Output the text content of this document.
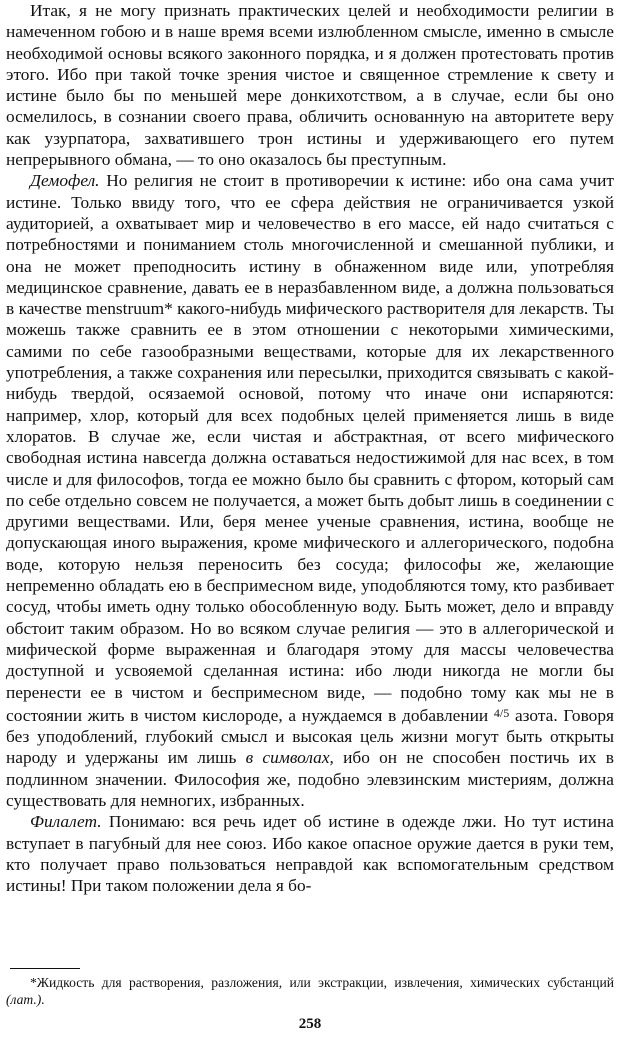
Итак, я не могу признать практических целей и необходимости религии в намеченном гобою и в наше время всеми излюбленном смысле, именно в смысле необходимой основы всякого законного порядка, и я должен протестовать против этого. Ибо при такой точке зрения чистое и священное стремление к свету и истине было бы по меньшей мере донкихотством, а в случае, если бы оно осмелилось, в сознании своего права, обличить основанную на авторитете веру как узурпатора, захватившего трон истины и удерживающего его путем непрерывного обмана, — то оно оказалось бы преступным.

Демофел. Но религия не стоит в противоречии к истине: ибо она сама учит истине. Только ввиду того, что ее сфера действия не ограничивается узкой аудиторией, а охватывает мир и человечество в его массе, ей надо считаться с потребностями и пониманием столь многочисленной и смешанной публики, и она не может преподносить истину в обнаженном виде или, употребляя медицинское сравнение, давать ее в неразбавленном виде, а должна пользоваться в качестве menstruum* какого-нибудь мифического растворителя для лекарств. Ты можешь также сравнить ее в этом отношении с некоторыми химическими, самими по себе газообразными веществами, которые для их лекарственного употребления, а также сохранения или пересылки, приходится связывать с какой-нибудь твердой, осязаемой основой, потому что иначе они испаряются: например, хлор, который для всех подобных целей применяется лишь в виде хлоратов. В случае же, если чистая и абстрактная, от всего мифического свободная истина навсегда должна оставаться недостижимой для нас всех, в том числе и для философов, тогда ее можно было бы сравнить с фтором, который сам по себе отдельно совсем не получается, а может быть добыт лишь в соединении с другими веществами. Или, беря менее ученые сравнения, истина, вообще не допускающая иного выражения, кроме мифического и аллегорического, подобна воде, которую нельзя переносить без сосуда; философы же, желающие непременно обладать ею в беспримесном виде, уподобляются тому, кто разбивает сосуд, чтобы иметь одну только обособленную воду. Быть может, дело и вправду обстоит таким образом. Но во всяком случае религия — это в аллегорической и мифической форме выраженная и благодаря этому для массы человечества доступной и усвояемой сделанная истина: ибо люди никогда не могли бы перенести ее в чистом и беспримесном виде, — подобно тому как мы не в состоянии жить в чистом кислороде, а нуждаемся в добавлении $^{4/5}$ азота. Говоря без уподоблений, глубокий смысл и высокая цель жизни могут быть открыты народу и удержаны им лишь в символах, ибо он не способен постичь их в подлинном значении. Философия же, подобно элевзинским мистериям, должна существовать для немногих, избранных.

Филалет. Понимаю: вся речь идет об истине в одежде лжи. Но тут истина вступает в пагубный для нее союз. Ибо какое опасное оружие дается в руки тем, кто получает право пользоваться неправдой как вспомогательным средством истины! При таком положении дела я бо-

*Жидкость для растворения, разложения, или экстракции, извлечения, химических субстанций (лат.).

258
